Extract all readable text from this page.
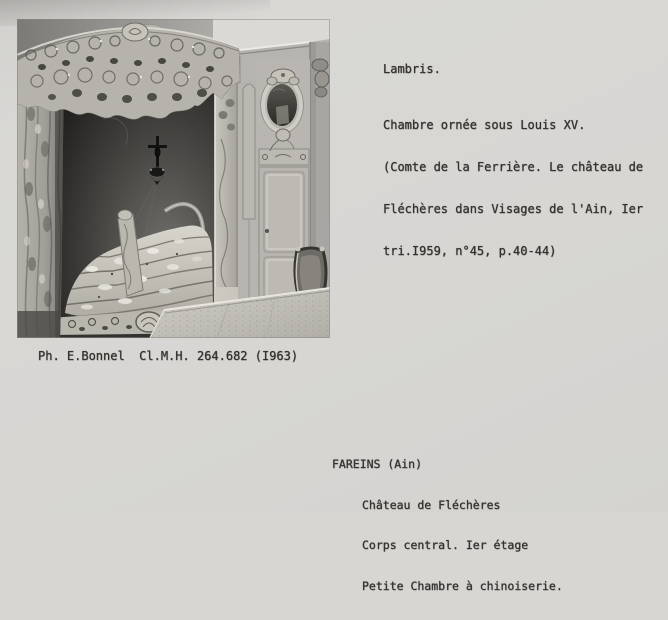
Ph. E.Bonnel  Cl.M.H. 264.682 (I963)

Lambris.

Chambre ornée sous Louis XV.

(Comte de la Ferrière. Le château de

Fléchères dans Visages de l'Ain, Ier

tri.I959, n°45, p.40-44)

FAREINS (Ain)

Château de Fléchères

Corps central. Ier étage

Petite Chambre à chinoiserie.
